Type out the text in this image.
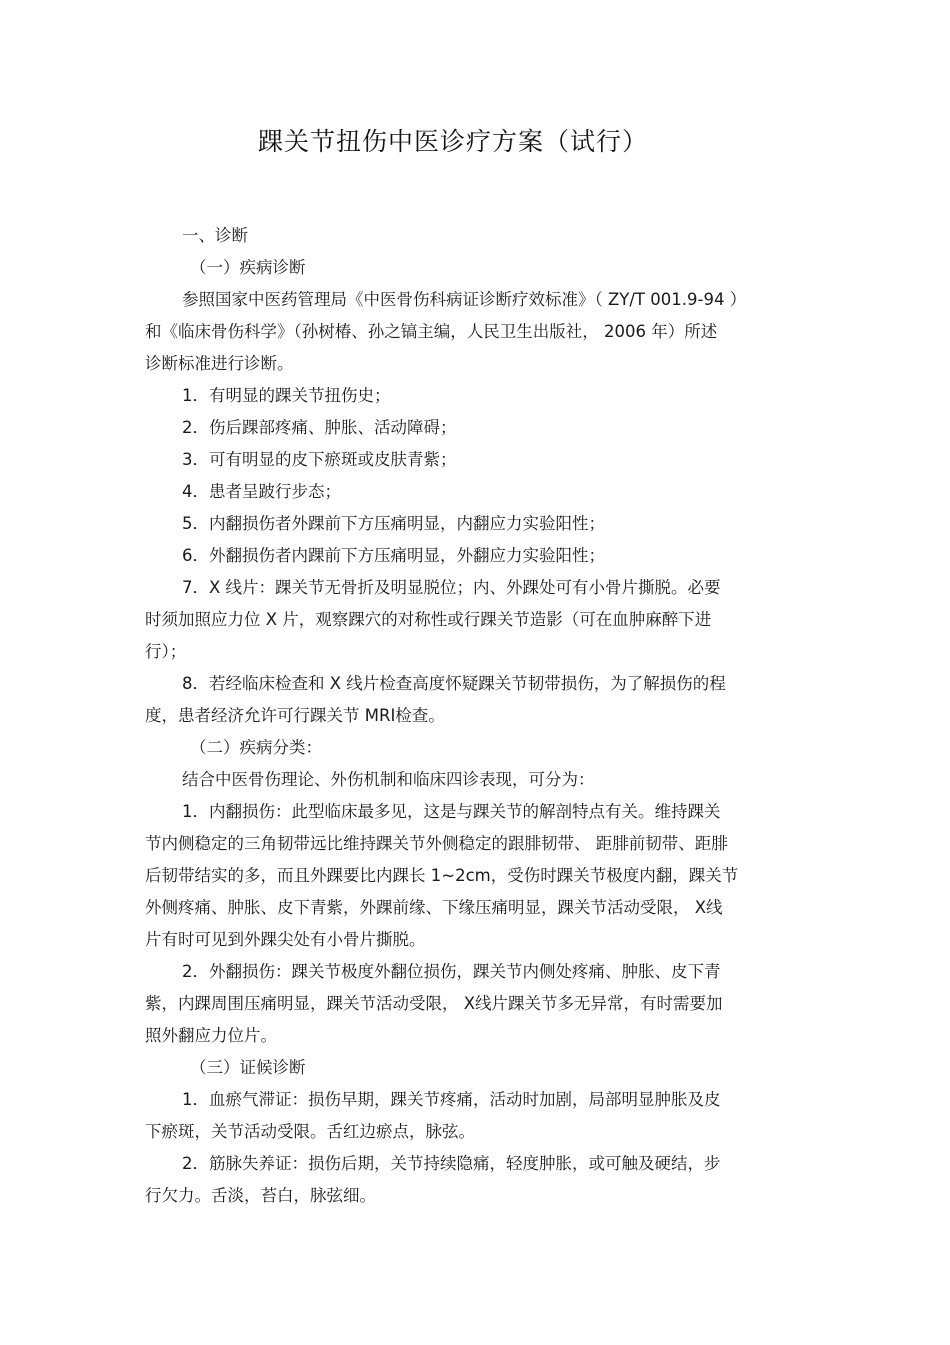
踝关节扭伤中医诊疗方案（试行）
一、诊断
（一）疾病诊断
参照国家中医药管理局《中医骨伤科病证诊断疗效标准》（ ZY/T 001.9-94 ）
和《临床骨伤科学》（孙树椿、孙之镐主编，人民卫生出版社， 2006 年）所述
诊断标准进行诊断。
1．有明显的踝关节扭伤史；
2．伤后踝部疼痛、肿胀、活动障碍；
3．可有明显的皮下瘀斑或皮肤青紫；
4．患者呈跛行步态；
5．内翻损伤者外踝前下方压痛明显，内翻应力实验阳性；
6．外翻损伤者内踝前下方压痛明显，外翻应力实验阳性；
7．X 线片：踝关节无骨折及明显脱位；内、外踝处可有小骨片撕脱。必要
时须加照应力位 X 片，观察踝穴的对称性或行踝关节造影（可在血肿麻醉下进
行）；
8．若经临床检查和 X 线片检查高度怀疑踝关节韧带损伤，为了解损伤的程
度，患者经济允许可行踝关节 MRI检查。
（二）疾病分类：
结合中医骨伤理论、外伤机制和临床四诊表现，可分为：
1．内翻损伤：此型临床最多见，这是与踝关节的解剖特点有关。维持踝关
节内侧稳定的三角韧带远比维持踝关节外侧稳定的跟腓韧带、 距腓前韧带、距腓
后韧带结实的多，而且外踝要比内踝长 1~2cm，受伤时踝关节极度内翻，踝关节
外侧疼痛、肿胀、皮下青紫，外踝前缘、下缘压痛明显，踝关节活动受限， X线
片有时可见到外踝尖处有小骨片撕脱。
2．外翻损伤：踝关节极度外翻位损伤，踝关节内侧处疼痛、肿胀、皮下青
紫，内踝周围压痛明显，踝关节活动受限， X线片踝关节多无异常，有时需要加
照外翻应力位片。
（三）证候诊断
1．血瘀气滞证：损伤早期，踝关节疼痛，活动时加剧，局部明显肿胀及皮
下瘀斑，关节活动受限。舌红边瘀点，脉弦。
2．筋脉失养证：损伤后期，关节持续隐痛，轻度肿胀，或可触及硬结，步
行欠力。舌淡，苔白，脉弦细。
